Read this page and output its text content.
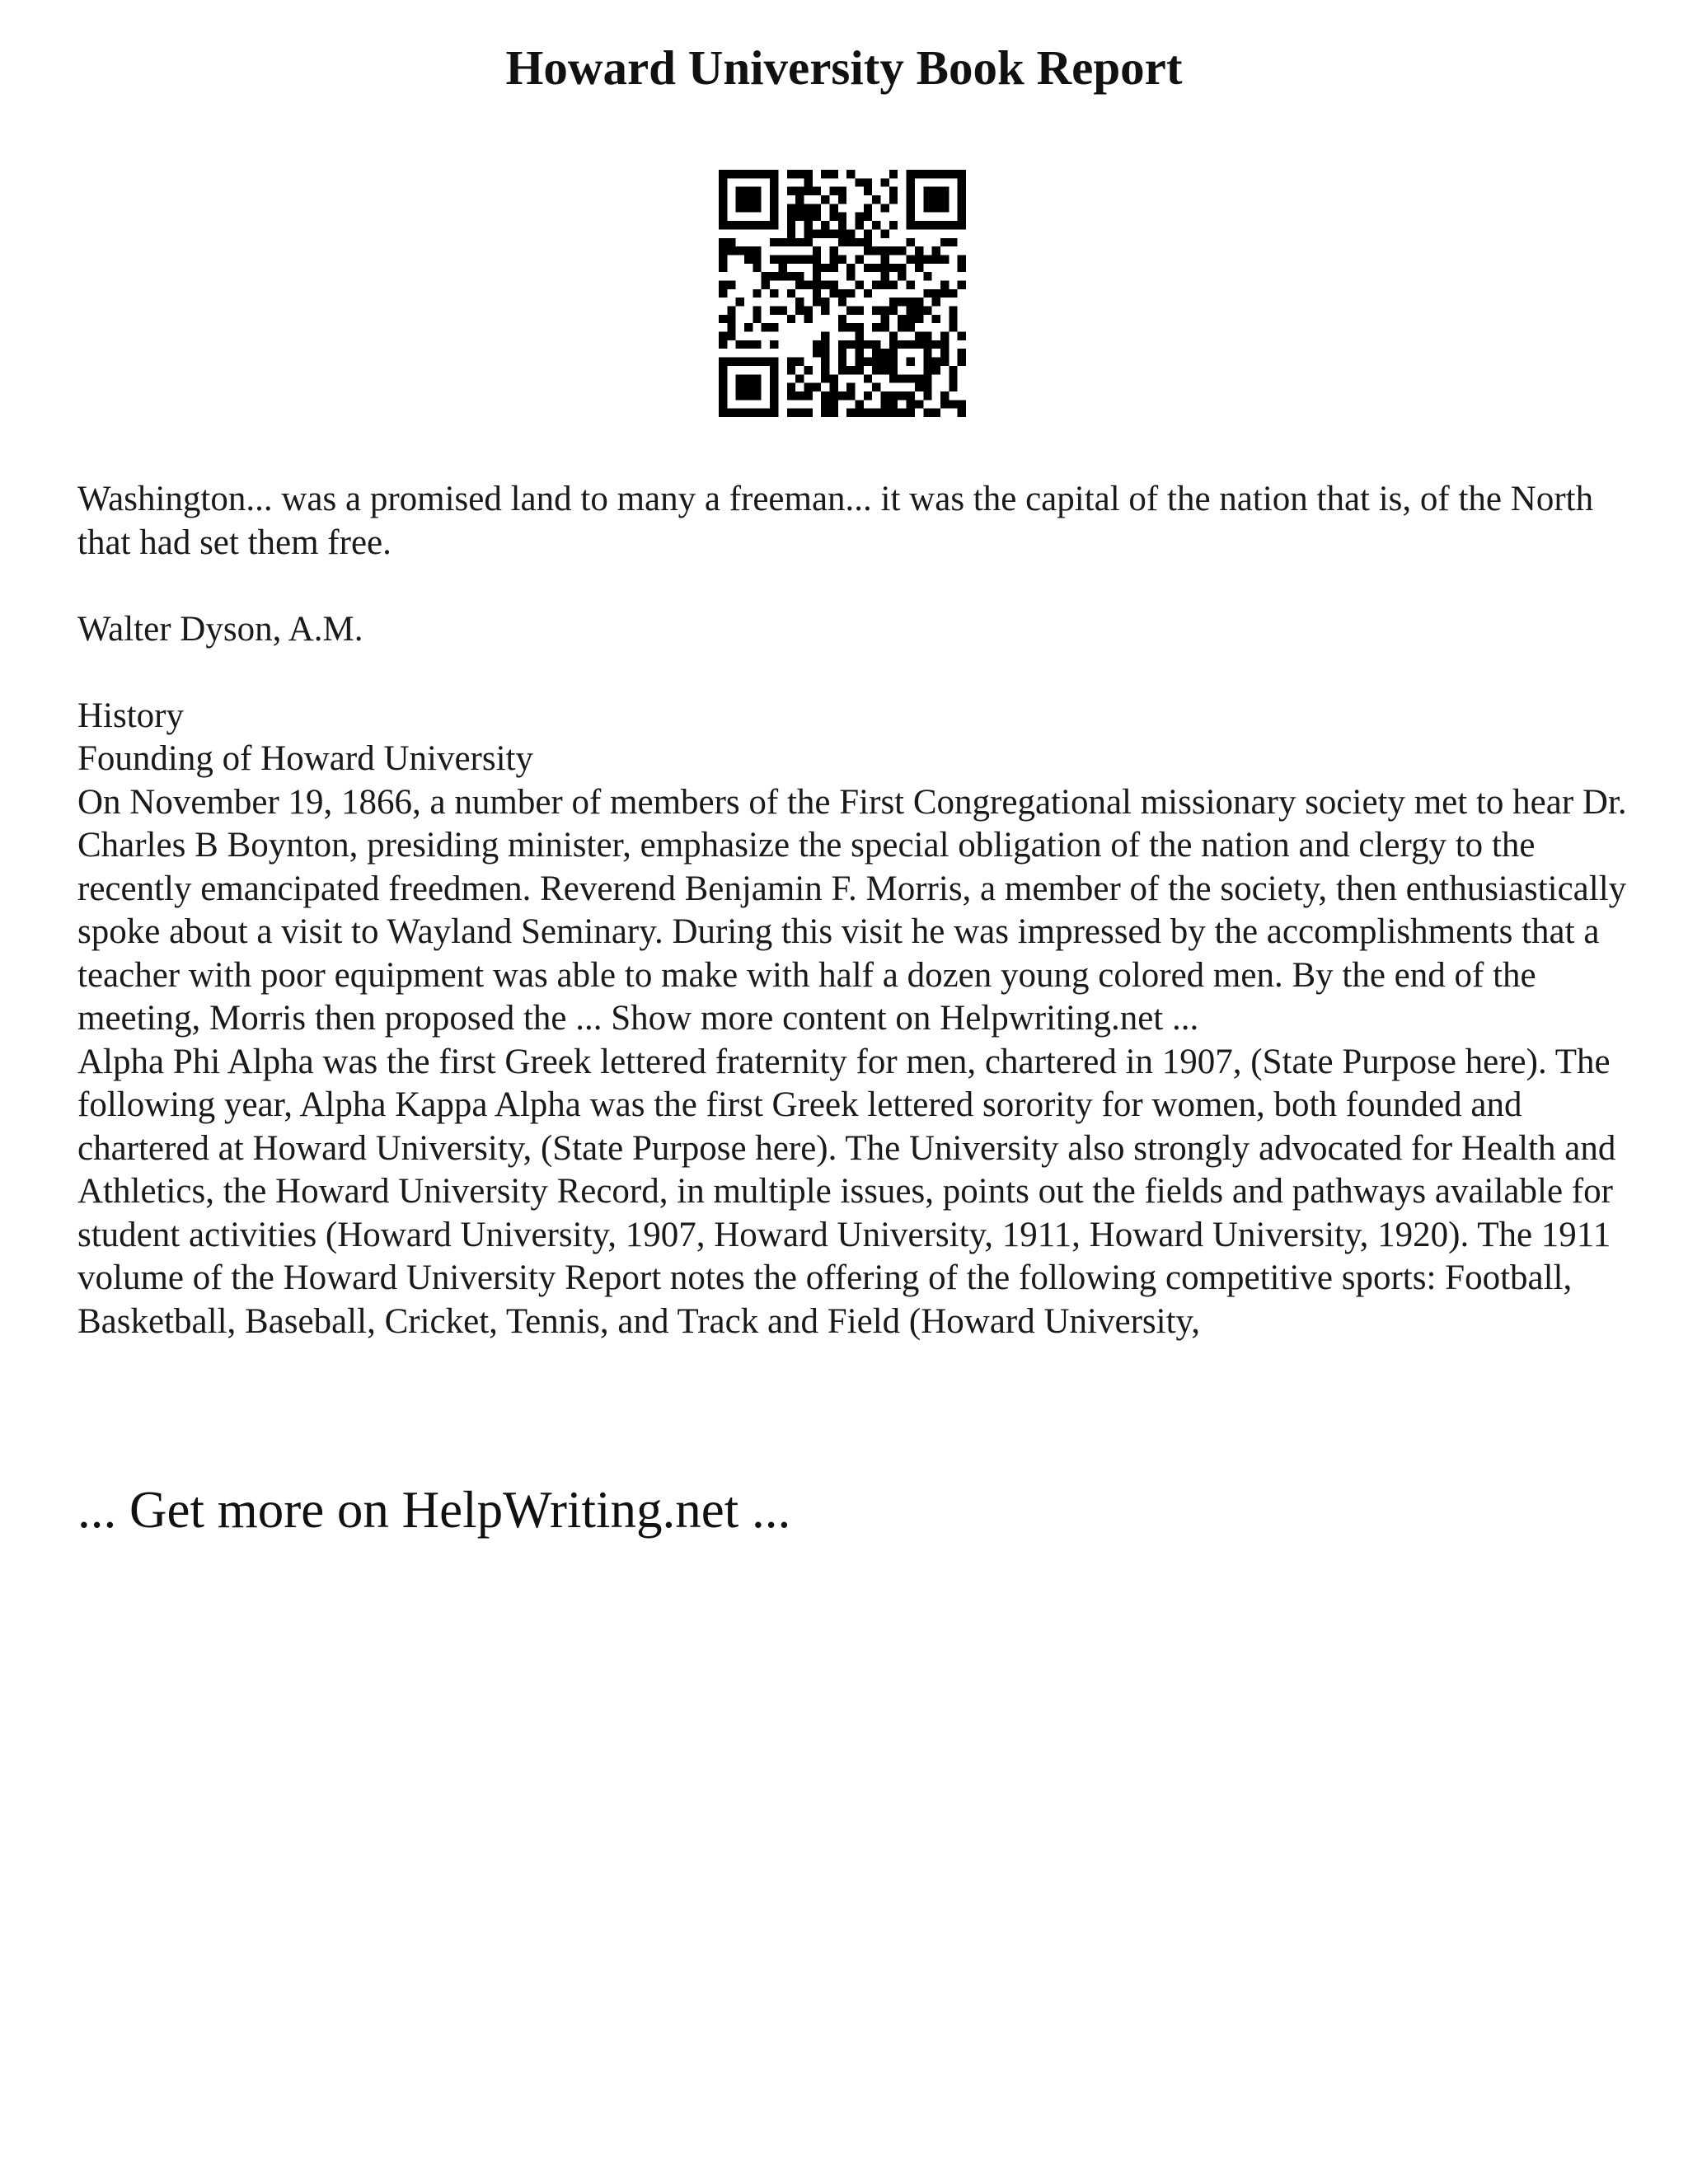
Howard University Book Report

Washington... was a promised land to many a freeman... it was the capital of the nation that is, of the North that had set them free.

Walter Dyson, A.M.

History

Founding of Howard University

On November 19, 1866, a number of members of the First Congregational missionary society met to hear Dr. Charles B Boynton, presiding minister, emphasize the special obligation of the nation and clergy to the recently emancipated freedmen. Reverend Benjamin F. Morris, a member of the society, then enthusiastically spoke about a visit to Wayland Seminary. During this visit he was impressed by the accomplishments that a teacher with poor equipment was able to make with half a dozen young colored men. By the end of the meeting, Morris then proposed the ... Show more content on Helpwriting.net ...

Alpha Phi Alpha was the first Greek lettered fraternity for men, chartered in 1907, (State Purpose here). The following year, Alpha Kappa Alpha was the first Greek lettered sorority for women, both founded and chartered at Howard University, (State Purpose here). The University also strongly advocated for Health and Athletics, the Howard University Record, in multiple issues, points out the fields and pathways available for student activities (Howard University, 1907, Howard University, 1911, Howard University, 1920). The 1911 volume of the Howard University Report notes the offering of the following competitive sports: Football, Basketball, Baseball, Cricket, Tennis, and Track and Field (Howard University,

... Get more on HelpWriting.net ...
